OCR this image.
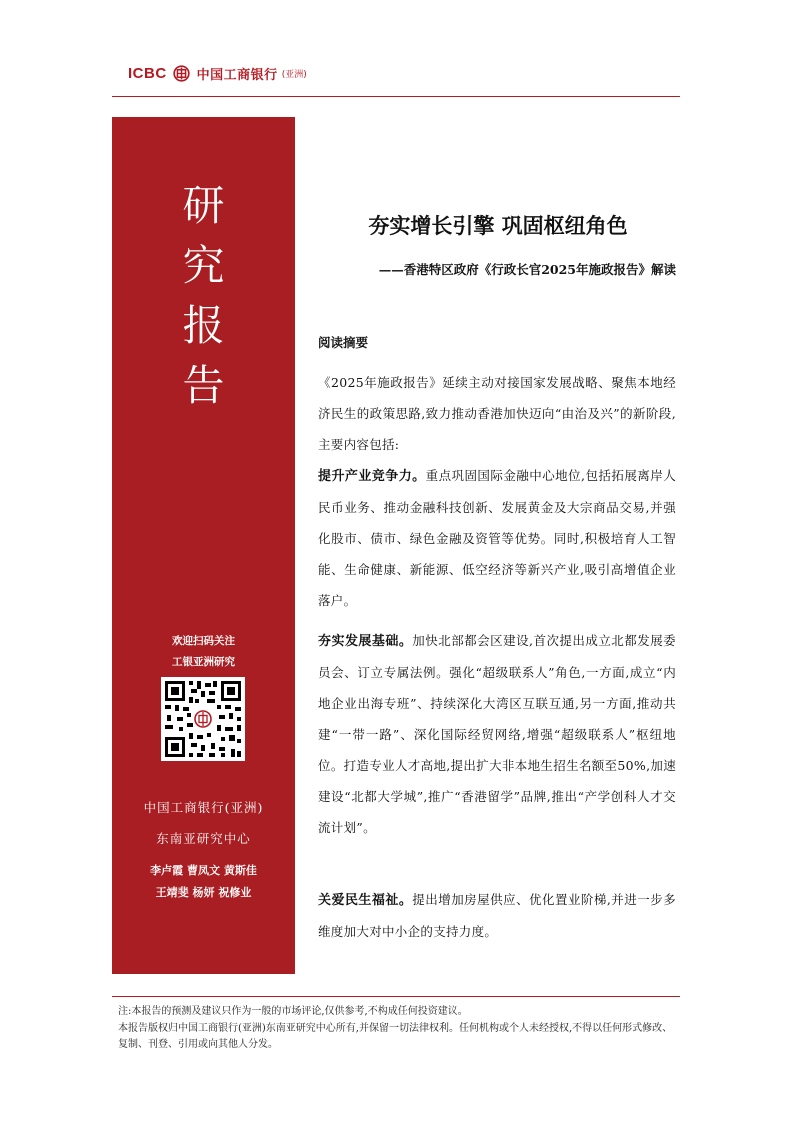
ICBC 中国工商银行 (亚洲)
研
究
报
告
欢迎扫码关注
工银亚洲研究
中国工商银行(亚洲)
东南亚研究中心
李卢霞 曹凤文 黄斯佳
王靖斐 杨妍 祝修业
夯实增长引擎 巩固枢纽角色
——香港特区政府《行政长官2025年施政报告》解读
阅读摘要
《2025年施政报告》延续主动对接国家发展战略、聚焦本地经济民生的政策思路,致力推动香港加快迈向“由治及兴”的新阶段,主要内容包括:
提升产业竞争力。重点巩固国际金融中心地位,包括拓展离岸人民币业务、推动金融科技创新、发展黄金及大宗商品交易,并强化股市、债市、绿色金融及资管等优势。同时,积极培育人工智能、生命健康、新能源、低空经济等新兴产业,吸引高增值企业落户。
夯实发展基础。加快北部都会区建设,首次提出成立北都发展委员会、订立专属法例。强化“超级联系人”角色,一方面,成立“内地企业出海专班”、持续深化大湾区互联互通,另一方面,推动共建“一带一路”、深化国际经贸网络,增强“超级联系人”枢纽地位。打造专业人才高地,提出扩大非本地生招生名额至50%,加速建设“北都大学城”,推广“香港留学”品牌,推出“产学创科人才交流计划”。
关爱民生福祉。提出增加房屋供应、优化置业阶梯,并进一步多维度加大对中小企的支持力度。
注:本报告的预测及建议只作为一般的市场评论,仅供参考,不构成任何投资建议。
本报告版权归中国工商银行(亚洲)东南亚研究中心所有,并保留一切法律权利。任何机构或个人未经授权,不得以任何形式修改、复制、刊登、引用或向其他人分发。
